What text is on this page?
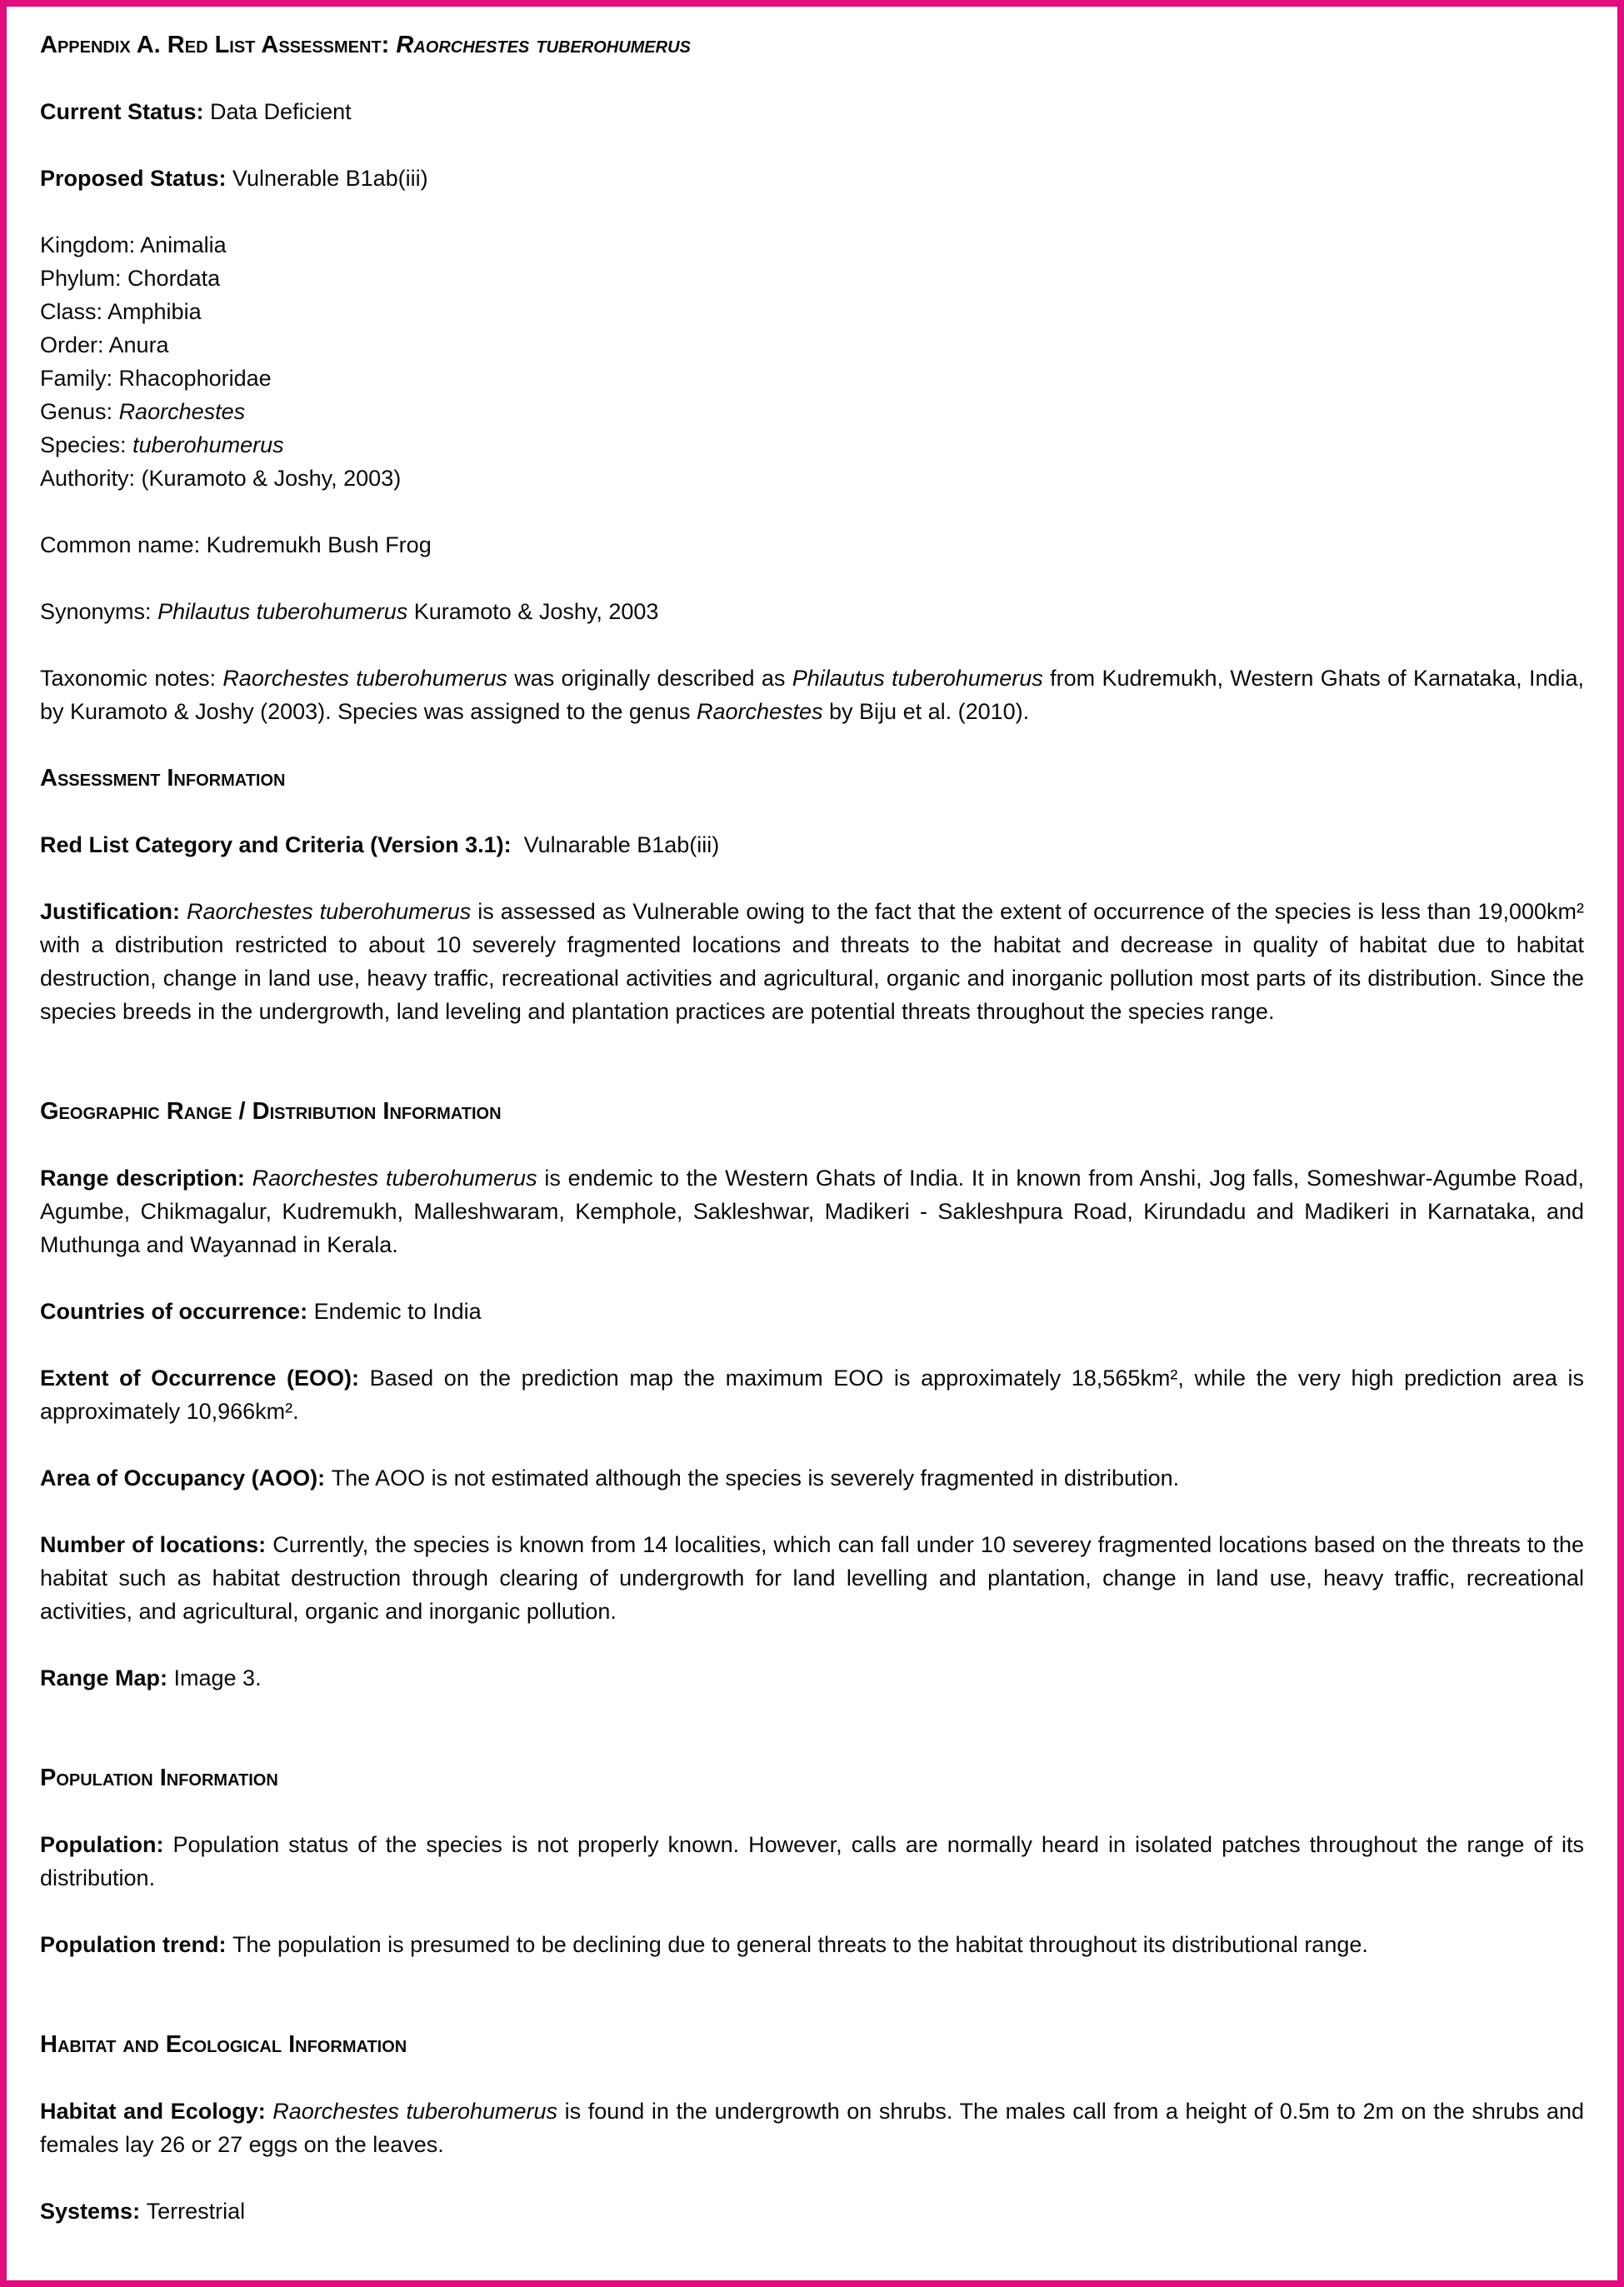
Appendix A. Red List Assessment: Raorchestes tuberohumerus

Current Status: Data Deficient

Proposed Status: Vulnerable B1ab(iii)

Kingdom: Animalia
Phylum: Chordata
Class: Amphibia
Order: Anura
Family: Rhacophoridae
Genus: Raorchestes
Species: tuberohumerus
Authority: (Kuramoto & Joshy, 2003)

Common name: Kudremukh Bush Frog

Synonyms: Philautus tuberohumerus Kuramoto & Joshy, 2003

Taxonomic notes: Raorchestes tuberohumerus was originally described as Philautus tuberohumerus from Kudremukh, Western Ghats of Karnataka, India, by Kuramoto & Joshy (2003). Species was assigned to the genus Raorchestes by Biju et al. (2010).

Assessment Information

Red List Category and Criteria (Version 3.1):  Vulnarable B1ab(iii)

Justification: Raorchestes tuberohumerus is assessed as Vulnerable owing to the fact that the extent of occurrence of the species is less than 19,000km² with a distribution restricted to about 10 severely fragmented locations and threats to the habitat and decrease in quality of habitat due to habitat destruction, change in land use, heavy traffic, recreational activities and agricultural, organic and inorganic pollution most parts of its distribution. Since the species breeds in the undergrowth, land leveling and plantation practices are potential threats throughout the species range.

Geographic Range / Distribution Information

Range description: Raorchestes tuberohumerus is endemic to the Western Ghats of India. It in known from Anshi, Jog falls, Someshwar-Agumbe Road, Agumbe, Chikmagalur, Kudremukh, Malleshwaram, Kemphole, Sakleshwar, Madikeri - Sakleshpura Road, Kirundadu and Madikeri in Karnataka, and Muthunga and Wayannad in Kerala.

Countries of occurrence: Endemic to India

Extent of Occurrence (EOO): Based on the prediction map the maximum EOO is approximately 18,565km², while the very high prediction area is approximately 10,966km².

Area of Occupancy (AOO): The AOO is not estimated although the species is severely fragmented in distribution.

Number of locations: Currently, the species is known from 14 localities, which can fall under 10 severey fragmented locations based on the threats to the habitat such as habitat destruction through clearing of undergrowth for land levelling and plantation, change in land use, heavy traffic, recreational activities, and agricultural, organic and inorganic pollution.

Range Map: Image 3.

Population Information

Population: Population status of the species is not properly known. However, calls are normally heard in isolated patches throughout the range of its distribution.

Population trend: The population is presumed to be declining due to general threats to the habitat throughout its distributional range.

Habitat and Ecological Information

Habitat and Ecology: Raorchestes tuberohumerus is found in the undergrowth on shrubs. The males call from a height of 0.5m to 2m on the shrubs and females lay 26 or 27 eggs on the leaves.

Systems: Terrestrial
